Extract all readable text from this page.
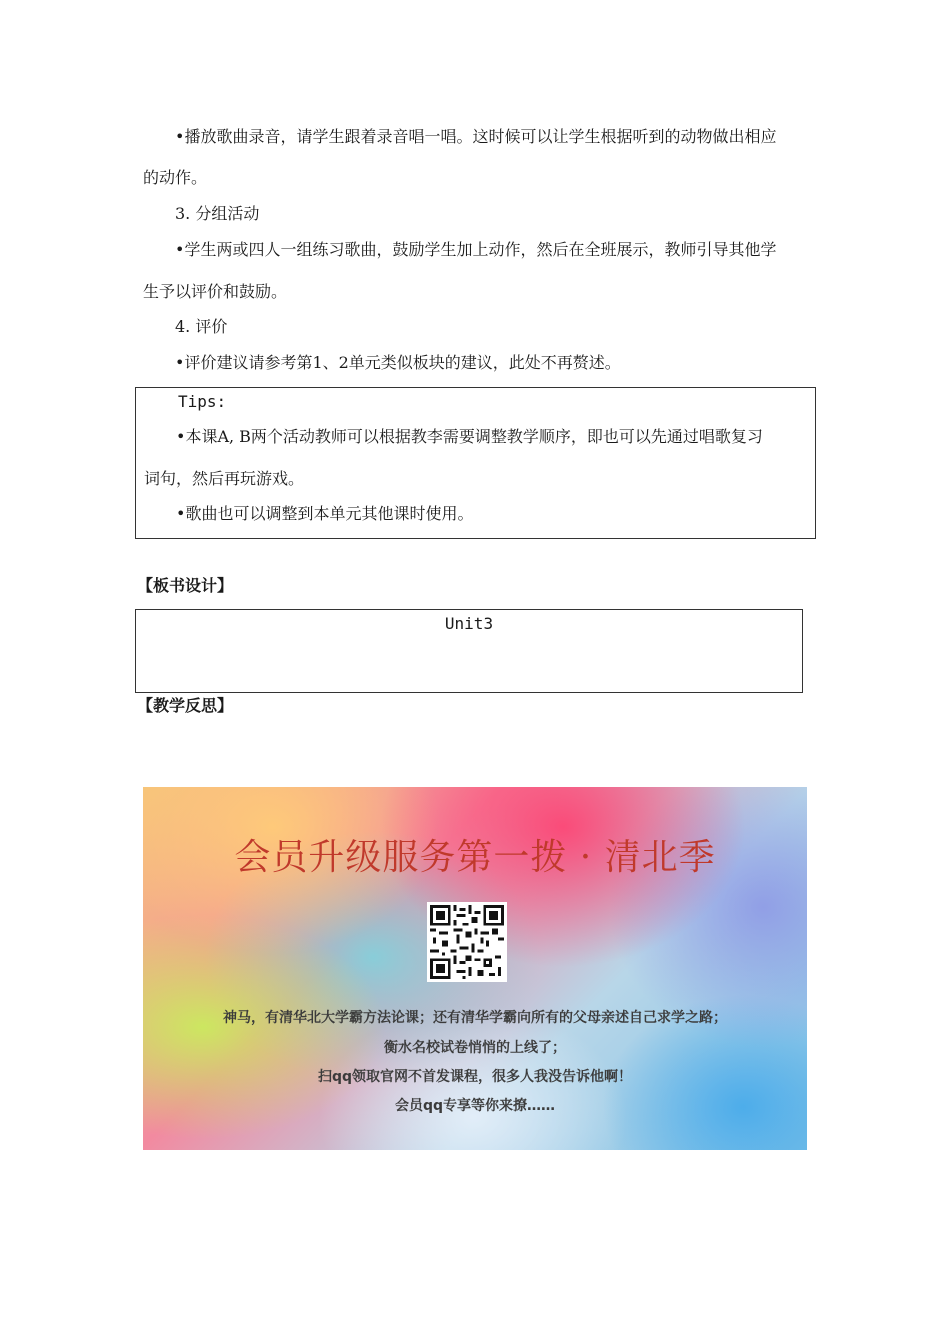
•播放歌曲录音，请学生跟着录音唱一唱。这时候可以让学生根据听到的动物做出相应
的动作。
3. 分组活动
•学生两或四人一组练习歌曲，鼓励学生加上动作，然后在全班展示，教师引导其他学
生予以评价和鼓励。
4. 评价
•评价建议请参考第1、2单元类似板块的建议，此处不再赘述。
Tips:
•本课A, B两个活动教师可以根据教李需要调整教学顺序，即也可以先通过唱歌复习
词句，然后再玩游戏。
•歌曲也可以调整到本单元其他课时使用。
【板书设计】
Unit3
【教学反思】
会员升级服务第一拨 · 清北季
神马，有清华北大学霸方法论课；还有清华学霸向所有的父母亲述自己求学之路；
衡水名校试卷悄悄的上线了；
扫qq领取官网不首发课程，很多人我没告诉他啊！
会员qq专享等你来撩……
